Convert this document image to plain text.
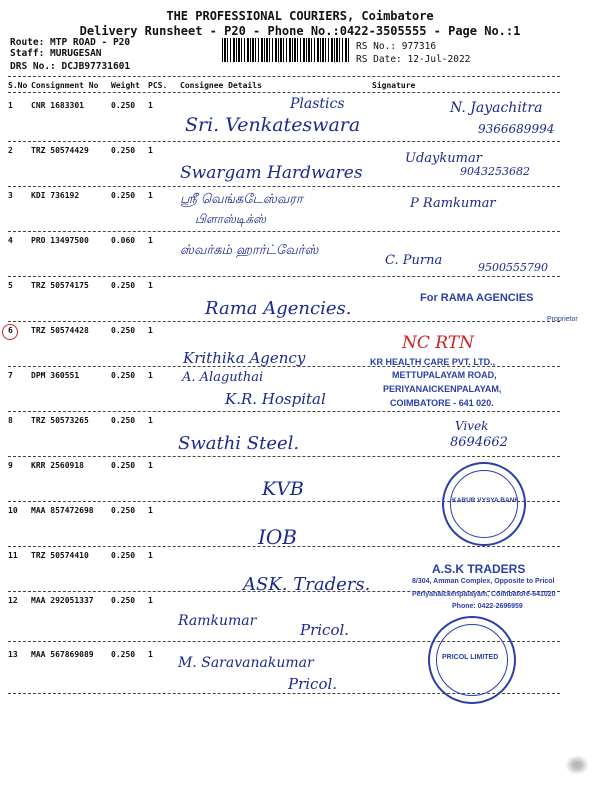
THE PROFESSIONAL COURIERS, Coimbatore
Delivery Runsheet - P20 - Phone No.:0422-3505555 - Page No.:1
Route: MTP ROAD - P20
Staff: MURUGESAN
DRS No.: DCJB97731601
RS No.: 977316
RS Date: 12-Jul-2022
S.No Consignment No Weight PCS. Consignee Details	Signature
1 CNR 1683301	0.250 1	Plastics
Sri. Venkateswara
N. Jayachitra
9366689994
2 TRZ 50574429	0.250 1
Swargam Hardwares
Udaykumar
9043253682
3 KDI 736192	0.250 1 ஸ்ரீ வெங்கடேஸ்வரா
பிளாஸ்டிக்ஸ்
P Ramkumar
4 PRO 13497500	0.060 1
ஸ்வர்கம் ஹார்ட்வேர்ஸ்
C. Purna	9500555790
5 TRZ 50574175	0.250 1
Rama Agencies.	For RAMA AGENCIES
Proprietor
6 TRZ 50574428	0.250 1
Krithika Agency
NC RTN
KR HEALTH CARE PVT. LTD.,
7 DPM 360551	0.250 1 A. Alaguthai
K.R. Hospital
METTUPALAYAM ROAD,
PERIYANAICKENPALAYAM,
COIMBATORE - 641 020.
8 TRZ 50573265	0.250 1
Swathi Steel.
Vivek
8694662
9 KRR 2560918	0.250 1
KVB
10 MAA 857472698 0.250 1
IOB
KARUR VYSYA BANK
11 TRZ 50574410	0.250 1
ASK. Traders.
A.S.K TRADERS
8/304, Amman Complex, Opposite to Pricol
12 MAA 292051337 0.250 1
Ramkumar	Pricol.
Periyanaickenpalayam, Coimbatore-641020
Phone: 0422-2696959
13 MAA 567869089 0.250 1
M. Saravanakumar
Pricol.
PRICOL LIMITED
